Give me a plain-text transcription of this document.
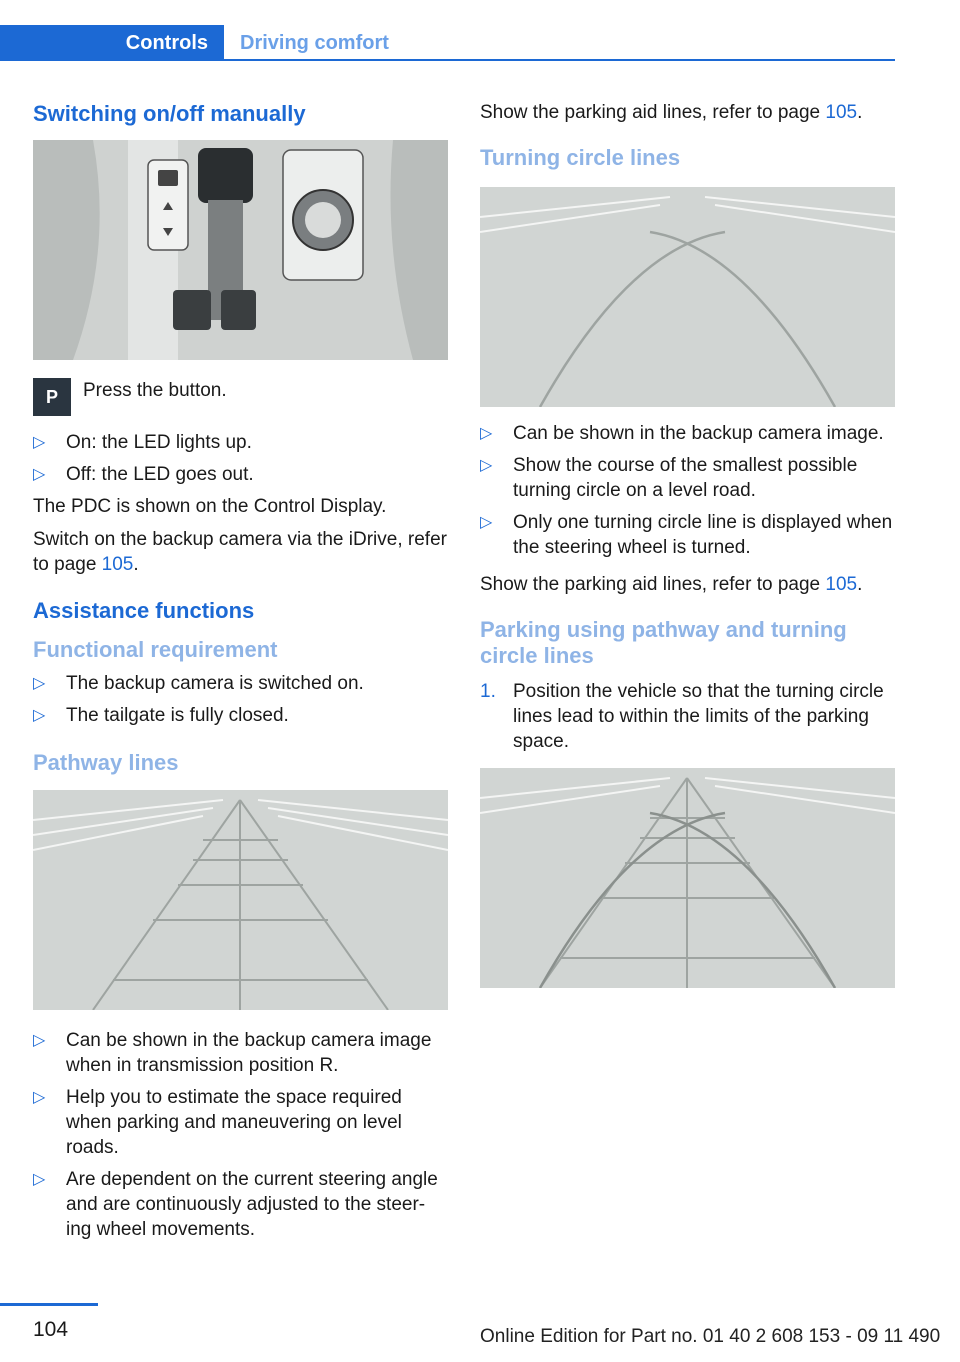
Controls Driving comfort
Switching on/off manually
P	Press the button.
▷ On: the LED lights up.
▷ Off: the LED goes out.

The PDC is shown on the Control Display.

Switch on the backup camera via the iDrive, refer to page 105.

Assistance functions
Functional requirement
▷ The backup camera is switched on.
▷ The tailgate is fully closed.
Pathway lines
▷ Can be shown in the backup camera image when in transmission position R.
▷ Help you to estimate the space required when parking and maneuvering on level roads.
▷ Are dependent on the current steering angle and are continuously adjusted to the steer-ing wheel movements.

Show the parking aid lines, refer to page 105.

Turning circle lines
▷ Can be shown in the backup camera image.
▷ Show the course of the smallest possible turning circle on a level road.
▷ Only one turning circle line is displayed when the steering wheel is turned.

Show the parking aid lines, refer to page 105.

Parking using pathway and turning circle lines
1. Position the vehicle so that the turning circle lines lead to within the limits of the parking space.
104	Online Edition for Part no. 01 40 2 608 153 - 09 11 490
